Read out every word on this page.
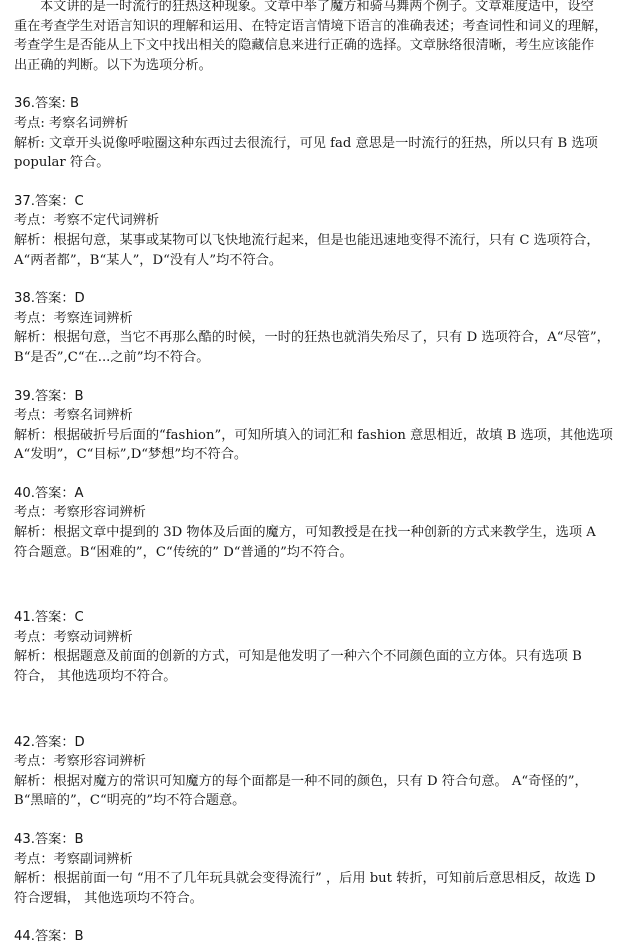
本文讲的是一时流行的狂热这种现象。文章中举了魔方和骑马舞两个例子。文章难度适中，设空

重在考查学生对语言知识的理解和运用、在特定语言情境下语言的准确表述；考查词性和词义的理解，

考查学生是否能从上下文中找出相关的隐藏信息来进行正确的选择。文章脉络很清晰，考生应该能作

出正确的判断。以下为选项分析。

36.答案: B

考点: 考察名词辨析

解析: 文章开头说像呼啦圈这种东西过去很流行，可见 fad 意思是一时流行的狂热，所以只有 B 选项

popular 符合。

37.答案：C

考点：考察不定代词辨析

解析：根据句意，某事或某物可以飞快地流行起来，但是也能迅速地变得不流行，只有 C 选项符合，

A“两者都”，B“某人”，D“没有人”均不符合。

38.答案：D

考点：考察连词辨析

解析：根据句意，当它不再那么酷的时候，一时的狂热也就消失殆尽了，只有 D 选项符合，A“尽管”，

B“是否”,C“在...之前”均不符合。

39.答案：B

考点：考察名词辨析

解析：根据破折号后面的“fashion”，可知所填入的词汇和 fashion 意思相近，故填 B 选项，其他选项

A“发明”，C“目标”,D“梦想”均不符合。

40.答案：A

考点：考察形容词辨析

解析：根据文章中提到的 3D 物体及后面的魔方，可知教授是在找一种创新的方式来教学生，选项 A

符合题意。B“困难的”，C“传统的” D“普通的”均不符合。

41.答案：C

考点：考察动词辨析

解析：根据题意及前面的创新的方式，可知是他发明了一种六个不同颜色面的立方体。只有选项 B

符合， 其他选项均不符合。

42.答案：D

考点：考察形容词辨析

解析：根据对魔方的常识可知魔方的每个面都是一种不同的颜色，只有 D 符合句意。 A“奇怪的”，

B“黑暗的”，C“明亮的”均不符合题意。

43.答案：B

考点：考察副词辨析

解析：根据前面一句 “用不了几年玩具就会变得流行” ，后用 but 转折，可知前后意思相反，故选 D

符合逻辑， 其他选项均不符合。

44.答案：B
